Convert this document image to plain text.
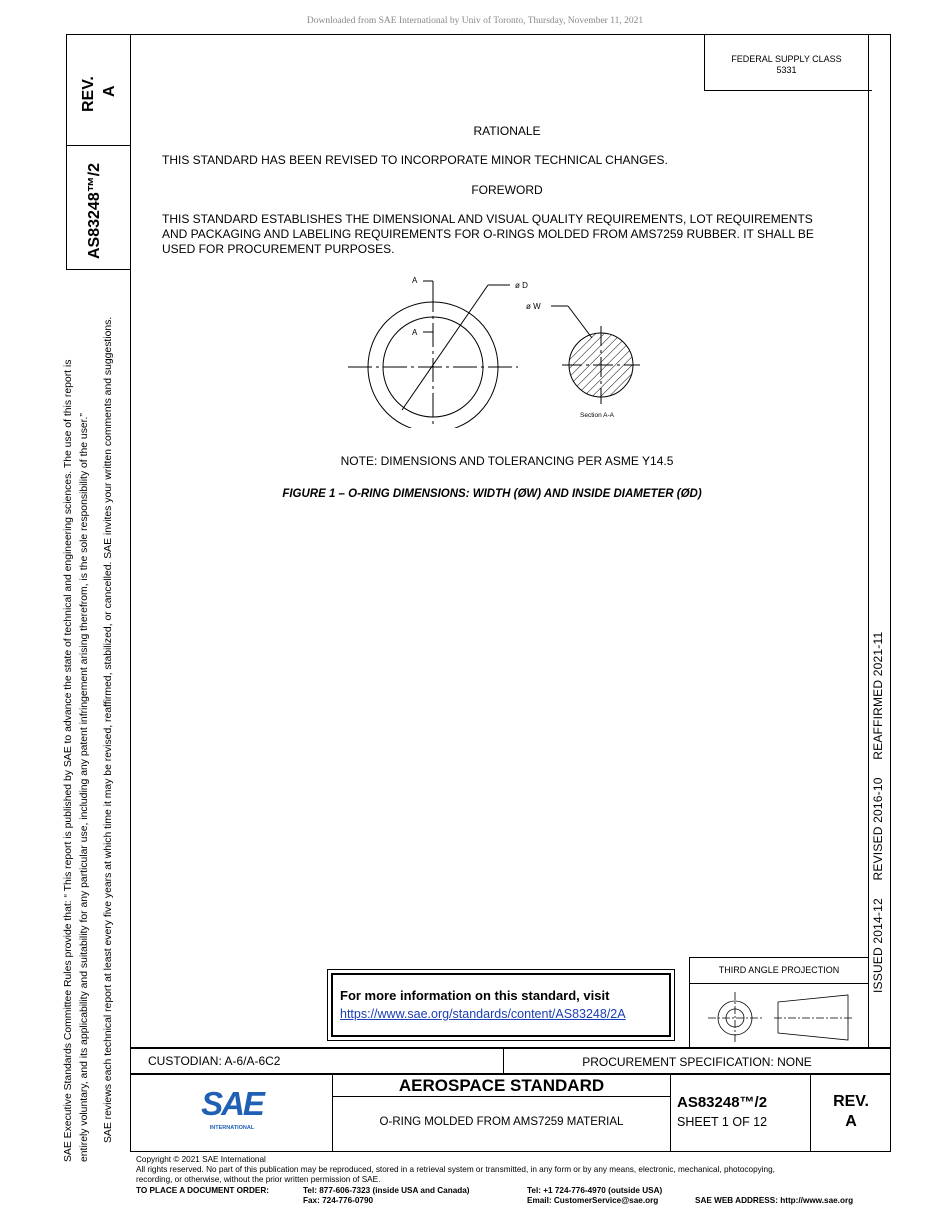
Downloaded from SAE International by Univ of Toronto, Thursday, November 11, 2021
REV. A
AS83248™/2
SAE Executive Standards Committee Rules provide that: “ This report is published by SAE to advance the state of technical and engineering sciences. The use of this report is entirely voluntary, and its applicability and suitability for any particular use, including any patent infringement arising therefrom, is the sole responsibility of the user.” SAE reviews each technical report at least every five years at which time it may be revised, reaffirmed, stabilized, or cancelled. SAE invites your written comments and suggestions.	ISSUED 2014-12     REVISED 2016-10     REAFFIRMED 2021-11
FEDERAL SUPPLY CLASS
5331
RATIONALE
THIS STANDARD HAS BEEN REVISED TO INCORPORATE MINOR TECHNICAL CHANGES.
FOREWORD
THIS STANDARD ESTABLISHES THE DIMENSIONAL AND VISUAL QUALITY REQUIREMENTS, LOT REQUIREMENTS
AND PACKAGING AND LABELING REQUIREMENTS FOR O-RINGS MOLDED FROM AMS7259 RUBBER. IT SHALL BE
USED FOR PROCUREMENT PURPOSES.
A
A
ø D
ø W
Section A-A
NOTE: DIMENSIONS AND TOLERANCING PER ASME Y14.5
FIGURE 1 – O-RING DIMENSIONS: WIDTH (ØW) AND INSIDE DIAMETER (ØD)
For more information on this standard, visit
https://www.sae.org/standards/content/AS83248/2A
THIRD ANGLE PROJECTION
CUSTODIAN: A-6/A-6C2	PROCUREMENT SPECIFICATION: NONE
SAE
INTERNATIONAL
AEROSPACE STANDARD
O-RING MOLDED FROM AMS7259 MATERIAL
AS83248™/2
SHEET 1 OF 12
REV.
A
Copyright © 2021 SAE International
All rights reserved. No part of this publication may be reproduced, stored in a retrieval system or transmitted, in any form or by any means, electronic, mechanical, photocopying,
recording, or otherwise, without the prior written permission of SAE.
TO PLACE A DOCUMENT ORDER:	Tel: 877-606-7323 (inside USA and Canada)
Fax: 724-776-0790
Tel: +1 724-776-4970 (outside USA)
Email: CustomerService@sae.org	SAE WEB ADDRESS: http://www.sae.org
